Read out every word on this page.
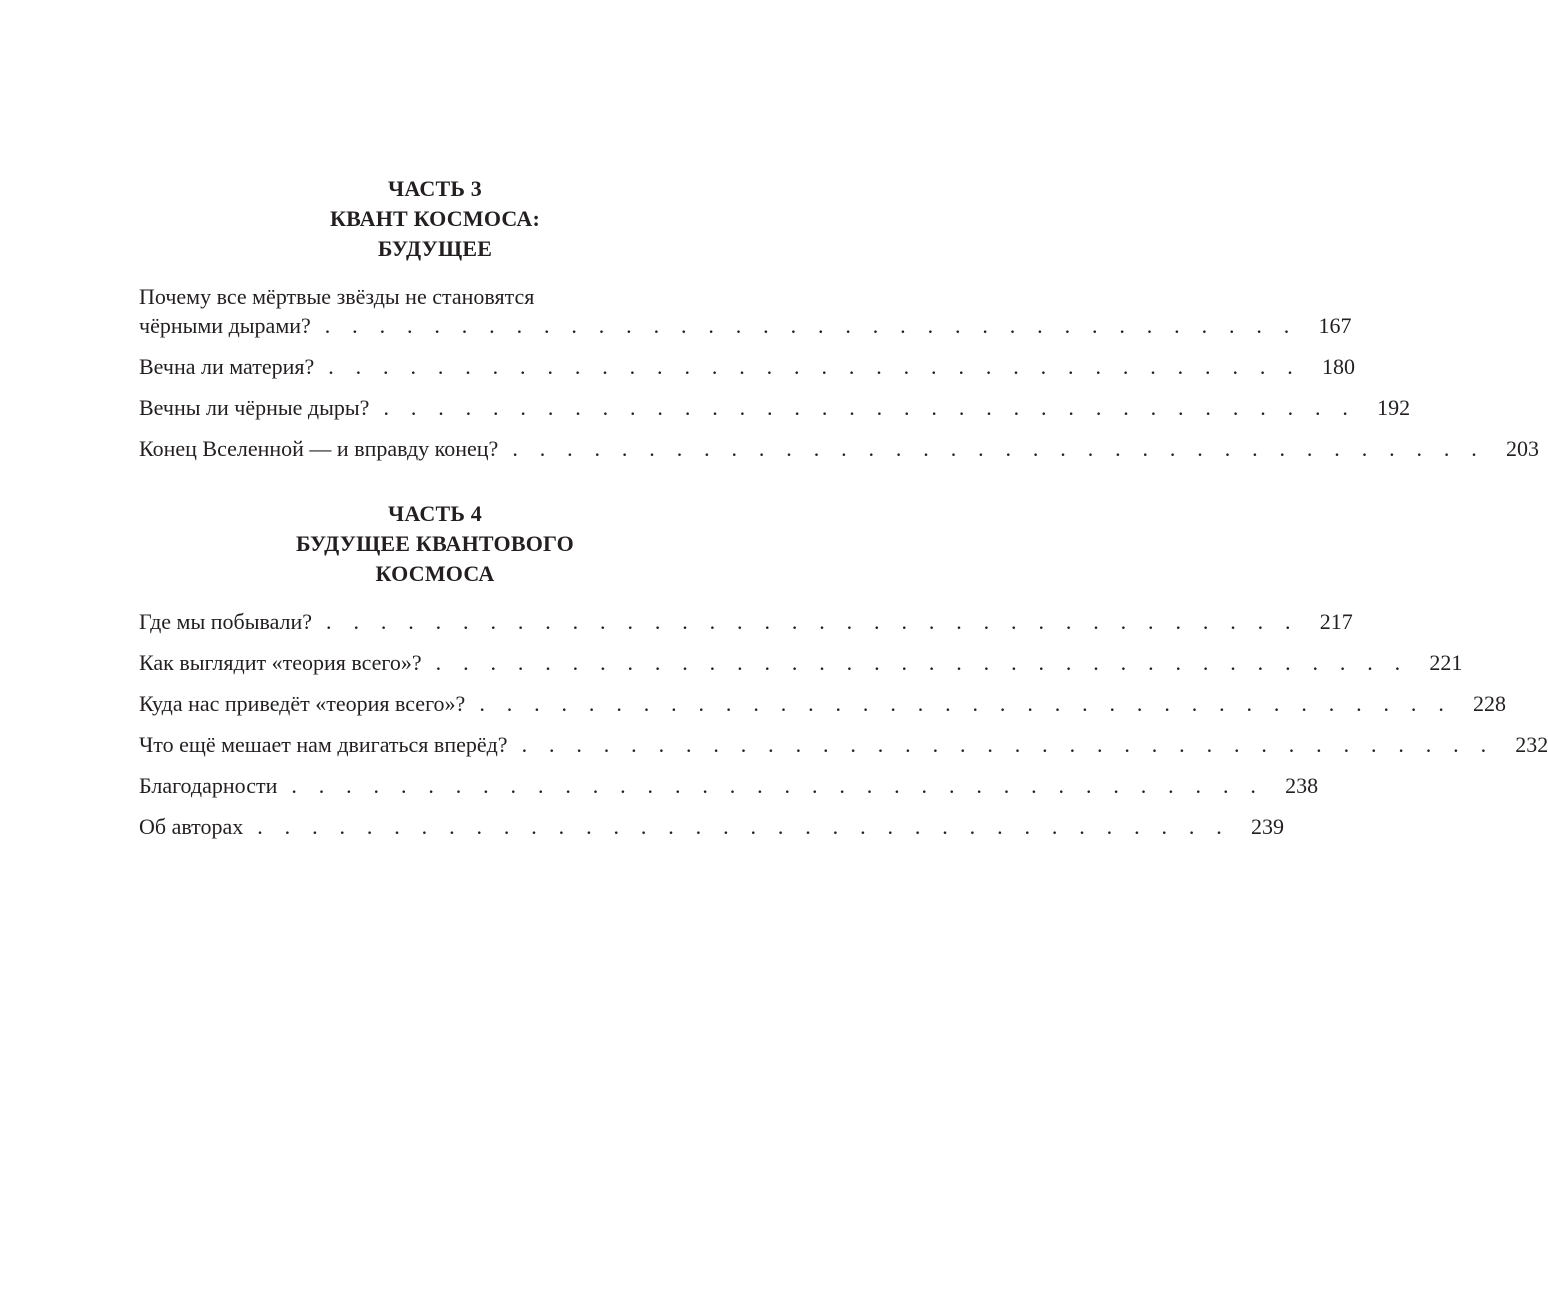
ЧАСТЬ 3
КВАНТ КОСМОСА:
БУДУЩЕЕ
Почему все мёртвые звёзды не становятся
чёрными дырами? . . . . . . . . . . . . . . . . . . . . . . . . . . . . . . . . . . . . 167
Вечна ли материя? . . . . . . . . . . . . . . . . . . . . . . . . . . . . . . . . . . . . 180
Вечны ли чёрные дыры? . . . . . . . . . . . . . . . . . . . . . . . . . . . . . . . . . . . . 192
Конец Вселенной — и вправду конец? . . . . . . . . . . . . . . . . . . . . . . . . . . . . . . . . . . . . 203
ЧАСТЬ 4
БУДУЩЕЕ КВАНТОВОГО
КОСМОСА
Где мы побывали? . . . . . . . . . . . . . . . . . . . . . . . . . . . . . . . . . . . . 217
Как выглядит «теория всего»? . . . . . . . . . . . . . . . . . . . . . . . . . . . . . . . . . . . . 221
Куда нас приведёт «теория всего»? . . . . . . . . . . . . . . . . . . . . . . . . . . . . . . . . . . . . 228
Что ещё мешает нам двигаться вперёд? . . . . . . . . . . . . . . . . . . . . . . . . . . . . . . . . . . . . 232
Благодарности . . . . . . . . . . . . . . . . . . . . . . . . . . . . . . . . . . . . 238
Об авторах . . . . . . . . . . . . . . . . . . . . . . . . . . . . . . . . . . . . 239
